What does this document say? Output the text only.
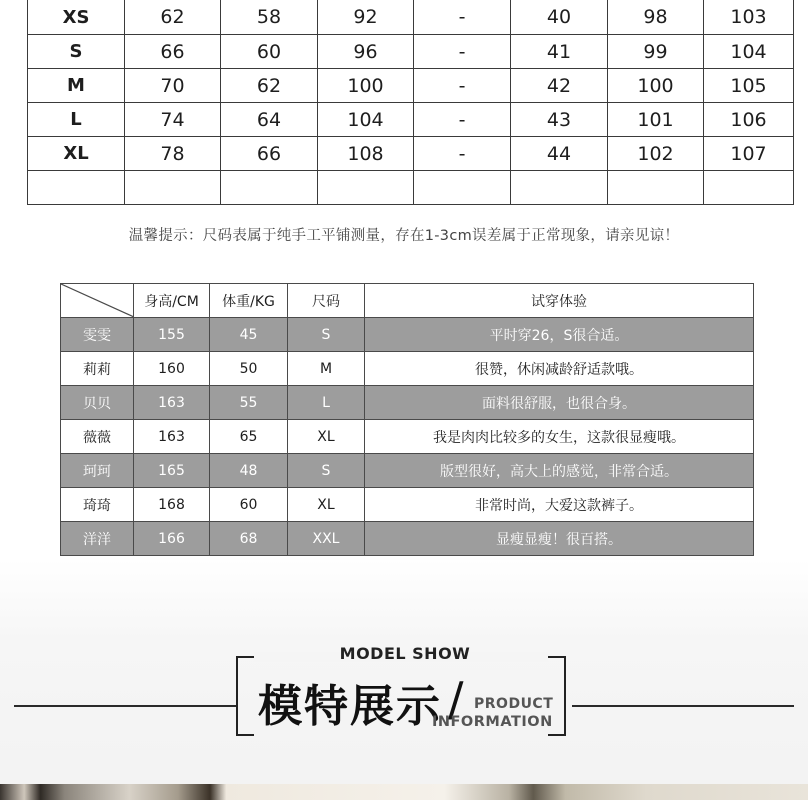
XS	62	58	92	-	40	98	103
S	66	60	96	-	41	99	104
M	70	62	100	-	42	100	105
L	74	64	104	-	43	101	106
XL	78	66	108	-	44	102	107

温馨提示：尺码表属于纯手工平铺测量，存在1-3cm误差属于正常现象，请亲见谅！
	身高/CM	体重/KG	尺码	试穿体验
雯雯	155	45	S	平时穿26，S很合适。
莉莉	160	50	M	很赞，休闲减龄舒适款哦。
贝贝	163	55	L	面料很舒服，也很合身。
薇薇	163	65	XL	我是肉肉比较多的女生，这款很显瘦哦。
珂珂	165	48	S	版型很好，高大上的感觉，非常合适。
琦琦	168	60	XL	非常时尚，大爱这款裤子。
洋洋	166	68	XXL	显瘦显瘦！很百搭。
MODEL SHOW
模特展示 / PRODUCT
INFORMATION
